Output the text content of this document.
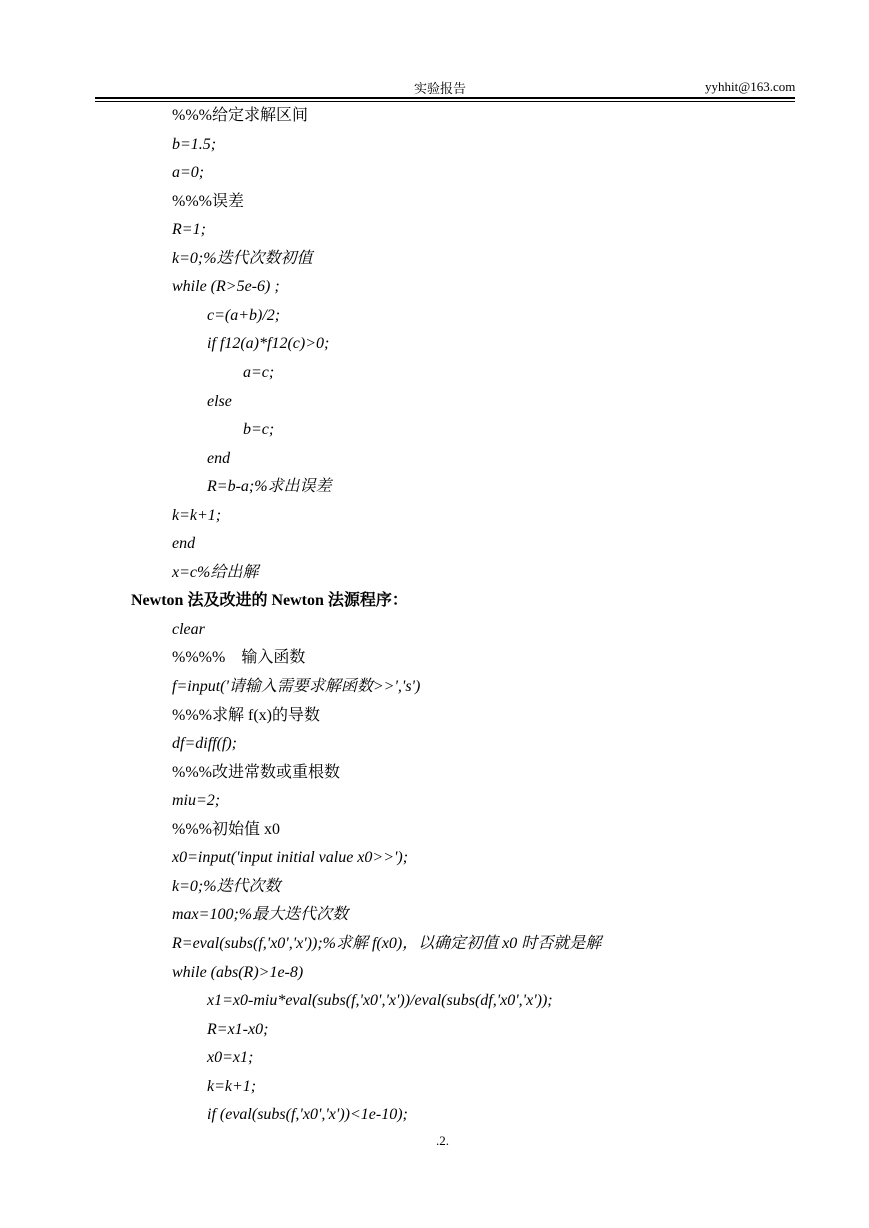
实验报告	yyhhit@163.com
%%%给定求解区间
b=1.5;
a=0;
%%%误差
R=1;
k=0;%迭代次数初值
while (R>5e-6) ;
c=(a+b)/2;
if f12(a)*f12(c)>0;
a=c;
else
b=c;
end
R=b-a;%求出误差
k=k+1;
end
x=c%给出解
Newton 法及改进的 Newton 法源程序：
clear
%%%%    输入函数
f=input('请输入需要求解函数>>','s')
%%%求解 f(x)的导数
df=diff(f);
%%%改进常数或重根数
miu=2;
%%%初始值 x0
x0=input('input initial value x0>>');
k=0;%迭代次数
max=100;%最大迭代次数
R=eval(subs(f,'x0','x'));%求解 f(x0)，以确定初值 x0 时否就是解
while (abs(R)>1e-8)
x1=x0-miu*eval(subs(f,'x0','x'))/eval(subs(df,'x0','x'));
R=x1-x0;
x0=x1;
k=k+1;
if (eval(subs(f,'x0','x'))<1e-10);
.2.
